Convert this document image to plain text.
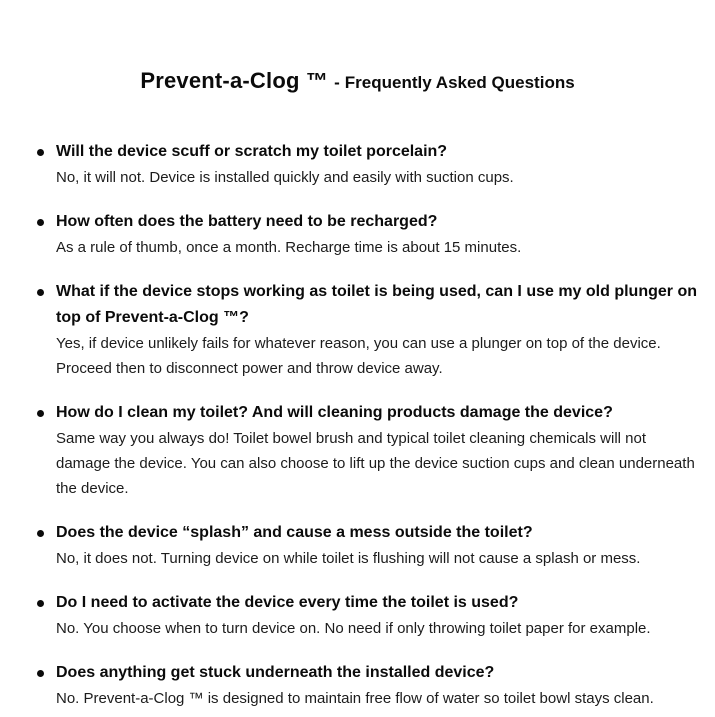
Prevent-a-Clog ™ - Frequently Asked Questions
Will the device scuff or scratch my toilet porcelain?
No, it will not. Device is installed quickly and easily with suction cups.
How often does the battery need to be recharged?
As a rule of thumb, once a month. Recharge time is about 15 minutes.
What if the device stops working as toilet is being used, can I use my old plunger on top of Prevent-a-Clog ™?
Yes, if device unlikely fails for whatever reason, you can use a plunger on top of the device. Proceed then to disconnect power and throw device away.
How do I clean my toilet? And will cleaning products damage the device?
Same way you always do! Toilet bowel brush and typical toilet cleaning chemicals will not damage the device. You can also choose to lift up the device suction cups and clean underneath the device.
Does the device “splash” and cause a mess outside the toilet?
No, it does not. Turning device on while toilet is flushing will not cause a splash or mess.
Do I need to activate the device every time the toilet is used?
No. You choose when to turn device on. No need if only throwing toilet paper for example.
Does anything get stuck underneath the installed device?
No. Prevent-a-Clog ™ is designed to maintain free flow of water so toilet bowl stays clean.
